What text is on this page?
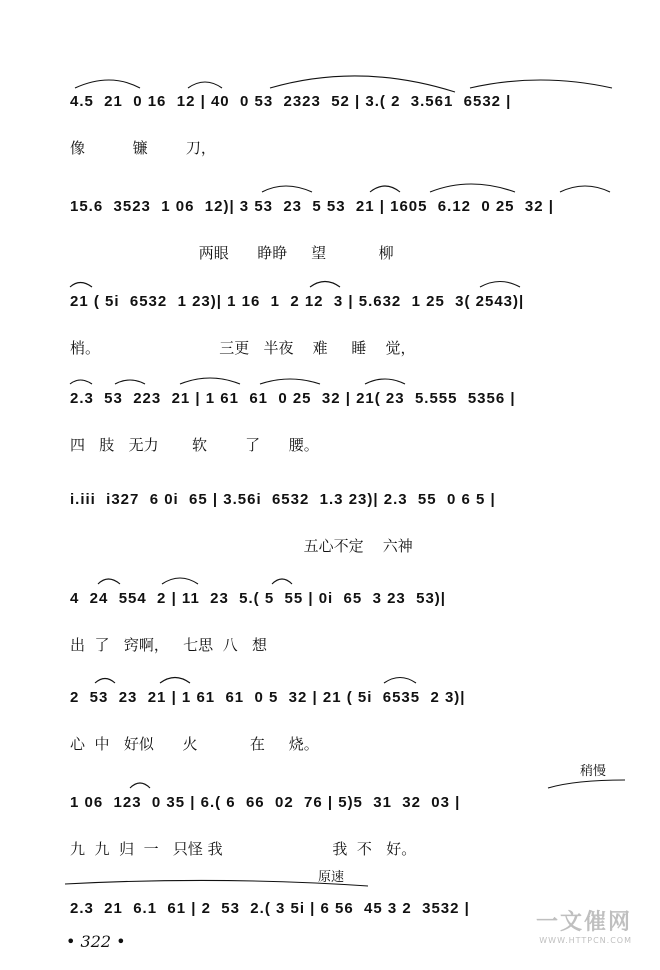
4.5  21  0 16  12 | 40  0 53  2323  52 | 3.( 2  3.561  6532 |
像          镰        刀，
15.6  3523  1 06  12)| 3 53  23  5 53  21 | 1605  6.12  0 25  32 |
两眼      睁睁     望           柳
21 ( 5i  6532  1 23)| 1 16  1  2 12  3 | 5.632  1 25  3( 2543)|
梢。                         三更   半夜    难     睡    觉，
2.3  53  223  21 | 1 61  61  0 25  32 | 21( 23  5.555  5356 |
四   肢   无力       软        了      腰。
i.iii  i327  6 0i  65 | 3.56i  6532  1.3 23)| 2.3  55  0 6 5 |
五心不定    六神
4  24  554  2 | 11  23  5.( 5  55 | 0i  65  3 23  53)|
出  了   窍啊，   七思  八   想
2  53  23  21 | 1 61  61  0 5  32 | 21 ( 5i  6535  2 3)|
心  中   好似      火           在     烧。
稍慢
1 06  123  0 35 | 6.( 6  66  02  76 | 5)5  31  32  03 |
九  九  归  一   只怪 我                       我  不   好。
原速
2.3  21  6.1  61 | 2  53  2.( 3 5i | 6 56  45 3 2  3532 |
• 322 •
一文催网
WWW.HTTPCN.COM
